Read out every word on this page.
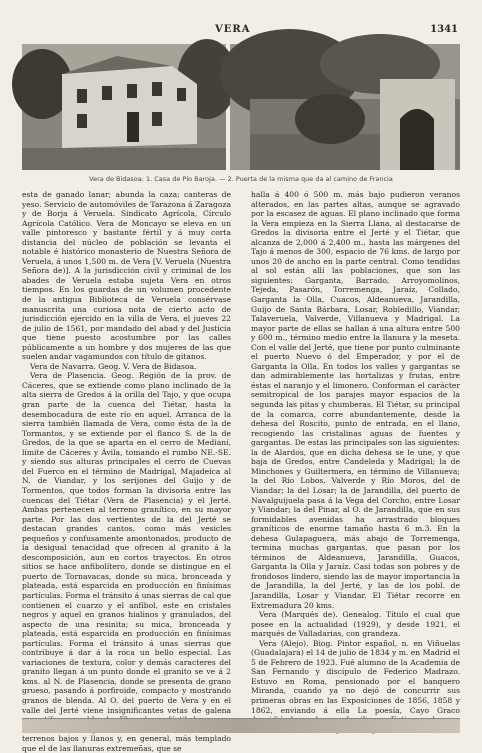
VERA	1341
Vera de Bidasoa: 1. Casa de Pío Baroja. — 2. Puerta de la misma que da al camino de Francia

esta de ganado lanar; abunda la caza; canteras de yeso. Servicio de automóviles de Tarazona á Zaragoza y de Borja á Veruela. Sindicato Agrícola, Círculo Agrícola Católico. Vera de Moncayo se eleva en un valle pintoresco y bastante fértil y á muy corta distancia del núcleo de población se levanta el notable é histórico monasterio de Nuestra Señora de Veruela, á unos 1,500 m. de Vera [V. Veruela (Nuestra Señora de)]. A la jurisdicción civil y criminal de los abades de Veruela estaba sujeta Vera en otros tiempos. En los guardas de un volumen procedente de la antigua Biblioteca de Veruela consérvase manuscrita una curiosa nota de cierto acto de jurisdicción ejercido en la villa de Vera, el jueves 22 de julio de 1561, por mandado del abad y del Justicia que tiene puesto acostumbre por las calles públicamente a un hombre y dos mujeres de las que suelen andar vagamundos con título de gitanos.

Vera de Navarra. Geog. V. Vera de Bidasoa.

Vera de Plasencia. Geog. Región de la prov. de Cáceres, que se extiende como plano inclinado de la alta sierra de Gredos á la orilla del Tajo, y que ocupa gran parte de la cuenca del Tiétar, hasta la desembocadura de este río en aquel. Arranca de la sierra también llamada de Vera, como ésta de la de Tormantos, y se extiende por el flanco S. de la de Gredos, de la que se aparta en el cerro de Medianí, límite de Cáceres y Ávila, tomando el rumbo NE.-SE. y siendo sus alturas principales el cerro de Cuevas del Fuerco en el término de Madrigal, Majadeica al N. de Viandar, y los serijones del Guijo y de Tormentos, que todos forman la divisoria entre las cuencas del Tiétar (Vera de Plasencia) y el Jerté. Ambas pertenecen al terreno granítico, en su mayor parte. Por las dos vertientes de la del Jerté se destacan grandes cantos, como más vesicles pequeños y confusamente amontonados, producto de la desigual tenacidad que ofrecen al granito á la descomposición, aun en cortos trayectos. En otros sitios se hace anfibolítero, donde se distingue en el puerto de Tornavacas, donde su mica, bronceada y plateada, está esparcida en producción en finísimas partículas. Forma el tránsito á unas sierras de cal que contienen el cuarzo y el anfíbol, este en cristales negros y aquel en granos hialinos y granulados, del aspecto de una resinita; su mica, bronceada y plateada, está esparcida en producción en finísimas partículas. Forma el tránsito á unas sierras que contribuye á dar á la roca un bello especial. Las variaciones de textura, color y demás caracteres del granito llegan á un punto donde el granito se ve á 2 kms. al N. de Plasencia, donde se presenta de grano grueso, pasando á porfiroide, compacto y mostrando granos de blenda. Al O. del puerto de Vera y en el valle del Jerté viene insignificantes vetas de galena terrenos bajos y llanos y, en general, más templado que el de las llanuras extremeñas, que se

halla á 400 ó 500 m. más bajo pudieron veranos alterados, en las partes altas, aunque se agravado por la escasez de aguas. El plano inclinado que forma la Vera empieza en la Sierra Llana, al destacarse de Gredos la divisoria entre el Jerté y el Tiétar, que alcanza de 2,000 á 2,400 m., hasta las márgenes del Tajo á menos de 300, espacio de 76 kms. de largo por unos 20 de ancho en la parte central. Como tendidas al sol están allí las poblaciones, que son las siguientes: Garganta, Barrado, Arroyomolinos, Tejeda, Pasarón, Torremenga, Jaraíz, Collado, Garganta la Olla, Cuacos, Aldeanueva, Jarandilla, Guijo de Santa Bárbara, Losar, Robledillo, Viandar, Talaveruela, Valverde, Villanueva y Madrigal. La mayor parte de ellas se hallan á una altura entre 500 y 600 m., término medio entre la llanura y la meseta. Con el valle del Jerté, que tiene por punto culminante el puerto Nuevo ó del Emperador, y por el de Garganta la Olla. En todos los valles y gargantas se dan admirablemente las hortalizas y frutas, entre éstas el naranjo y el limonero. Conforman el carácter semitropical de los parajes mayor espacios de la segunda las pitas y chumberas. El Tiétar, su principal de la comarca, corre abundantemente, desde la dehesa del Roscito, punto de entrada, en el llano, recogiendo las cristalinas aguas de fuentes y gargantas. De estas las principales son las siguientes: la de Alardos, que en dicha dehesa se le une, y que baja de Gredos, entre Candeleda y Madrigal; la de Minchones y Guiltermera, en término de Villanueva; la del Río Lobos, Valverde y Río Moros, del de Viandar; la del Losar; la de Jarandilla, del puerto de Navalguijuela pasa á la Vega del Corcho, entre Losar y Viandar; la del Pinar, al O. de Jarandilla, que en sus formidables avenidas ha arrastrado bloques graníticos de enorme tamaño hasta 6 m.3. En la dehesa Gulapaguera, más abajo de Torremenga, termina muchas gargantas, que pasan por los términos de Aldeanueva, Jarandilla, Guacos, Garganta la Olla y Jaraíz. Casi todas son pobres y de frondosos lindero, siendo las de mayor importancia la de Jarandilla, la del Jerté, y las de los pobl. de Jarandilla, Losar y Viandar. El Tiétar recorre en Extremadura 20 kms.

Vera (Marqués de). Genealog. Título el cual que posee en la actualidad (1929), y desde 1921, el marqués de Valladarias, con grandeza.

Vera (Alejo). Biog. Pintor español, n. en Viñuelas (Guadalajara) el 14 de julio de 1834 y m. en Madrid el 5 de Febrero de 1923. Fué alumno de la Academia de San Fernando y discípulo de Federico Madrazo. Estuvo en Roma, pensionado por el banquero Miranda, cuando ya no dejó de concurrir sus primeras obras en las Exposiciones de 1856, 1858 y 1862, enviando á ella La poesía, Cayo Graco
